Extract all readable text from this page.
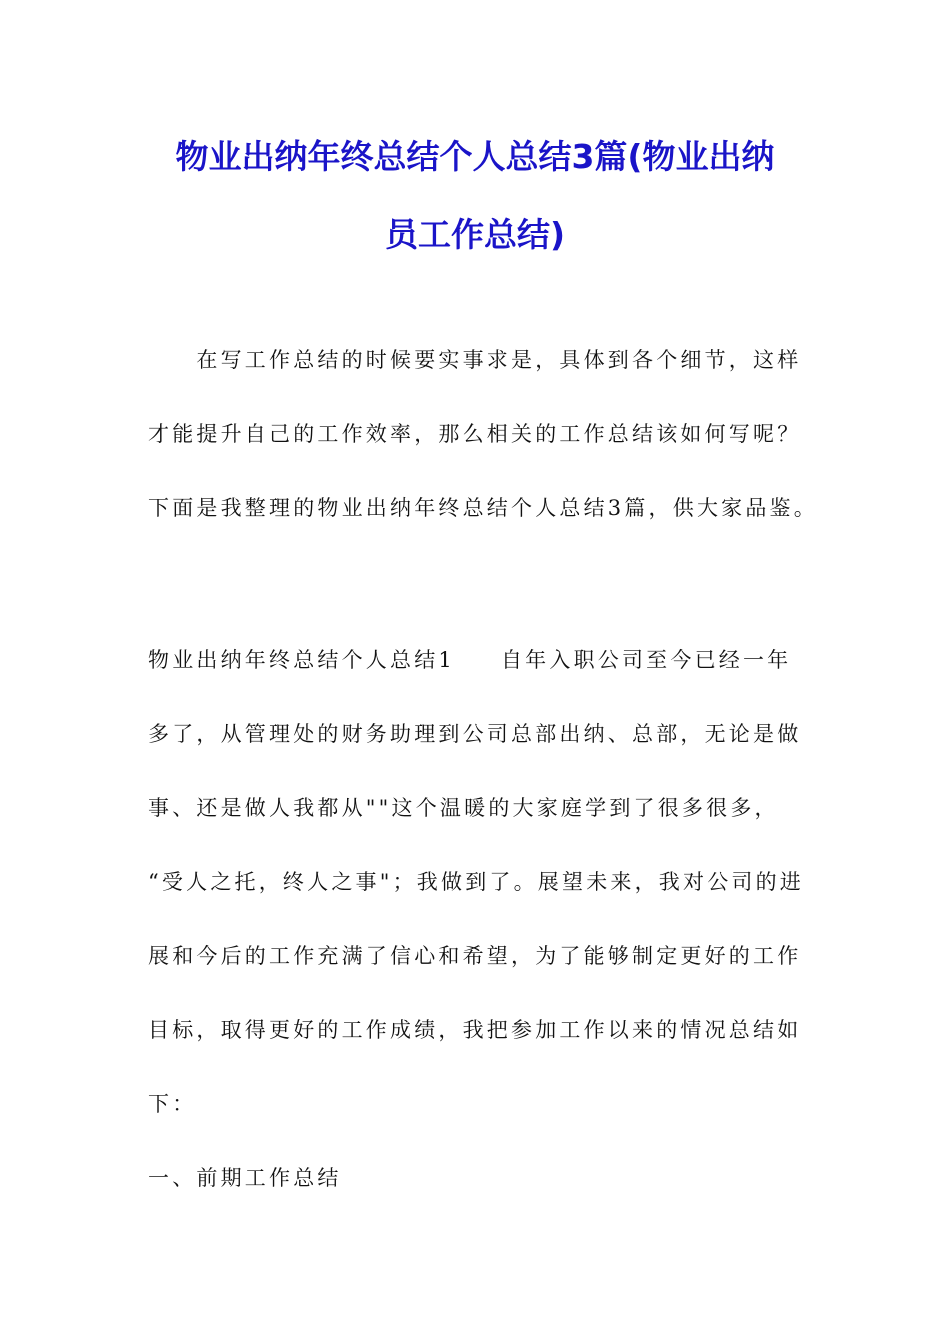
物业出纳年终总结个人总结3篇(物业出纳
员工作总结)
　　在写工作总结的时候要实事求是，具体到各个细节，这样
才能提升自己的工作效率，那么相关的工作总结该如何写呢？
下面是我整理的物业出纳年终总结个人总结3篇，供大家品鉴。
物业出纳年终总结个人总结1 自年入职公司至今已经一年
多了，从管理处的财务助理到公司总部出纳、总部，无论是做
事、还是做人我都从""这个温暖的大家庭学到了很多很多，
“受人之托，终人之事"；我做到了。展望未来，我对公司的进
展和今后的工作充满了信心和希望，为了能够制定更好的工作
目标，取得更好的工作成绩，我把参加工作以来的情况总结如
下：
一、前期工作总结
